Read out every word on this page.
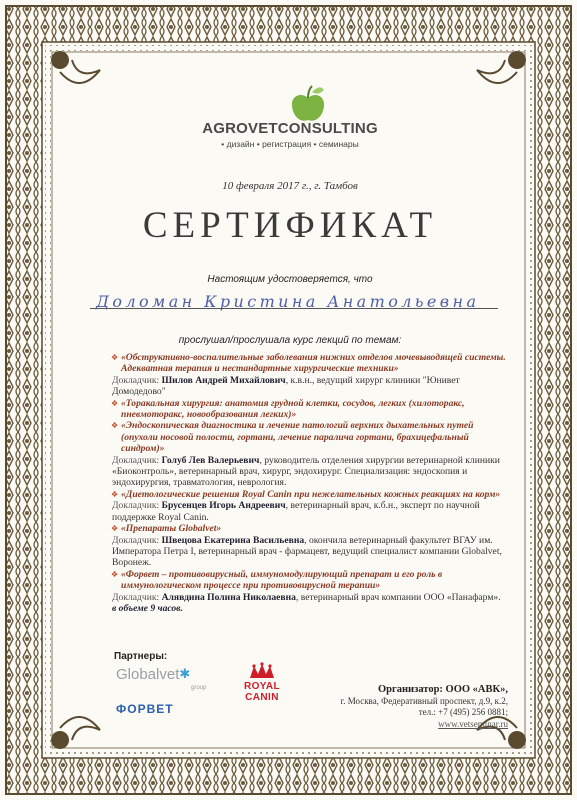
AGROVETCONSULTING
• дизайн • регистрация • семинары
10 февраля 2017 г., г. Тамбов
СЕРТИФИКАТ
Настоящим удостоверяется, что
Доломан Кристина Анатольевна
прослушал/прослушала курс лекций по темам:
❖ «Обструктивно-воспалительные заболевания нижних отделов мочевыводящей системы. Адекватная терапия и нестандартные хирургические техники»
Докладчик: Шилов Андрей Михайлович, к.в.н., ведущий хирург клиники "Юнивет Домодедово"
❖ «Торакальная хирургия: анатомия грудной клетки, сосудов, легких (хилоторакс, пневмоторакс, новообразования легких)»
❖ «Эндоскопическая диагностика и лечение патологий верхних дыхательных путей (опухоли носовой полости, гортани, лечение паралича гортани, брахицефальный синдром)»
Докладчик: Голуб Лев Валерьевич, руководитель отделения хирургии ветеринарной клиники «Биоконтроль», ветеринарный врач, хирург, эндохирург. Специализация: эндоскопия и эндохирургия, травматология, неврология.
❖ «Диетологические решения Royal Canin при нежелательных кожных реакциях на корм»
Докладчик: Брусенцев Игорь Андреевич, ветеринарный врач, к.б.н., эксперт по научной поддержке Royal Canin.
❖ «Препараты Globalvet»
Докладчик: Швецова Екатерина Васильевна, окончила ветеринарный факультет ВГАУ им. Императора Петра I, ветеринарный врач - фармацевт, ведущий специалист компании Globalvet, Воронеж.
❖ «Форвет – противовирусный, иммуномодулирующий препарат и его роль в иммунологическом процессе при противовирусной терапии»
Докладчик: Алявдина Полина Николаевна, ветеринарный врач компании ООО «Панафарм».
в объеме 9 часов.
Партнеры:
Globalvet✱
group	ROYAL CANIN
ФОРВЕТ
Организатор: ООО «АВК»,
г. Москва, Федеративный проспект, д.9, к.2,
тел.: +7 (495) 256 0881;
www.vetseminar.ru
